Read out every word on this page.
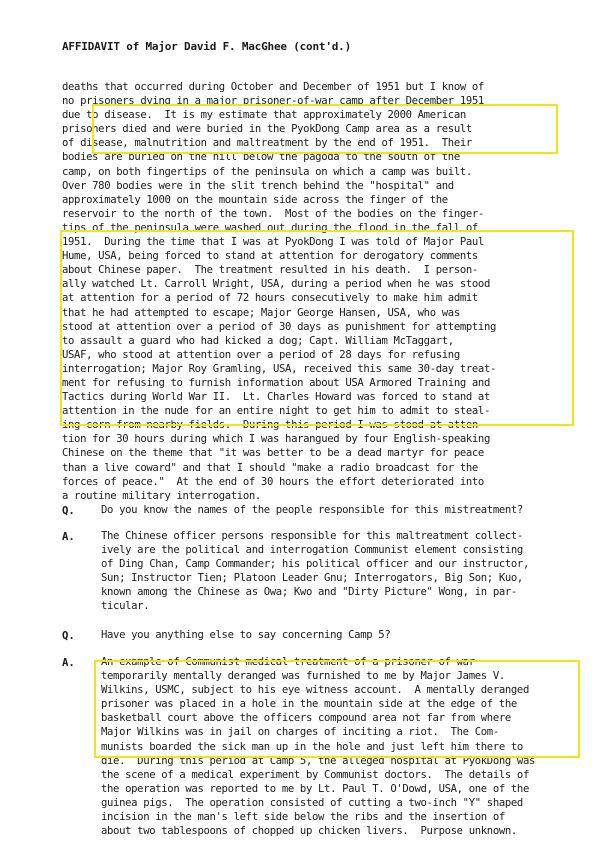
AFFIDAVIT of Major David F. MacGhee (cont'd.)
deaths that occurred during October and December of 1951 but I know of
no prisoners dying in a major prisoner-of-war camp after December 1951
due to disease.  It is my estimate that approximately 2000 American
prisoners died and were buried in the PyokDong Camp area as a result
of disease, malnutrition and maltreatment by the end of 1951.  Their
bodies are buried on the hill below the pagoda to the south of the
camp, on both fingertips of the peninsula on which a camp was built.
Over 780 bodies were in the slit trench behind the "hospital" and
approximately 1000 on the mountain side across the finger of the
reservoir to the north of the town.  Most of the bodies on the finger-
tips of the peninsula were washed out during the flood in the fall of
1951.  During the time that I was at PyokDong I was told of Major Paul
Hume, USA, being forced to stand at attention for derogatory comments
about Chinese paper.  The treatment resulted in his death.  I person-
ally watched Lt. Carroll Wright, USA, during a period when he was stood
at attention for a period of 72 hours consecutively to make him admit
that he had attempted to escape; Major George Hansen, USA, who was
stood at attention over a period of 30 days as punishment for attempting
to assault a guard who had kicked a dog; Capt. William McTaggart,
USAF, who stood at attention over a period of 28 days for refusing
interrogation; Major Roy Gramling, USA, received this same 30-day treat-
ment for refusing to furnish information about USA Armored Training and
Tactics during World War II.  Lt. Charles Howard was forced to stand at
attention in the nude for an entire night to get him to admit to steal-
ing corn from nearby fields.  During this period I was stood at atten-
tion for 30 hours during which I was harangued by four English-speaking
Chinese on the theme that "it was better to be a dead martyr for peace
than a live coward" and that I should "make a radio broadcast for the
forces of peace."  At the end of 30 hours the effort deteriorated into
a routine military interrogation.
Q. Do you know the names of the people responsible for this mistreatment?
A. The Chinese officer persons responsible for this maltreatment collect-
ively are the political and interrogation Communist element consisting
of Ding Chan, Camp Commander; his political officer and our instructor,
Sun; Instructor Tien; Platoon Leader Gnu; Interrogators, Big Son; Kuo,
known among the Chinese as Owa; Kwo and "Dirty Picture" Wong, in par-
ticular.
Q. Have you anything else to say concerning Camp 5?
A. An example of Communist medical treatment of a prisoner of war
temporarily mentally deranged was furnished to me by Major James V.
Wilkins, USMC, subject to his eye witness account.  A mentally deranged
prisoner was placed in a hole in the mountain side at the edge of the
basketball court above the officers compound area not far from where
Major Wilkins was in jail on charges of inciting a riot.  The Com-
munists boarded the sick man up in the hole and just left him there to
die.  During this period at Camp 5, the alleged hospital at PyokDong was
the scene of a medical experiment by Communist doctors.  The details of
the operation was reported to me by Lt. Paul T. O'Dowd, USA, one of the
guinea pigs.  The operation consisted of cutting a two-inch "Y" shaped
incision in the man's left side below the ribs and the insertion of
about two tablespoons of chopped up chicken livers.  Purpose unknown.
